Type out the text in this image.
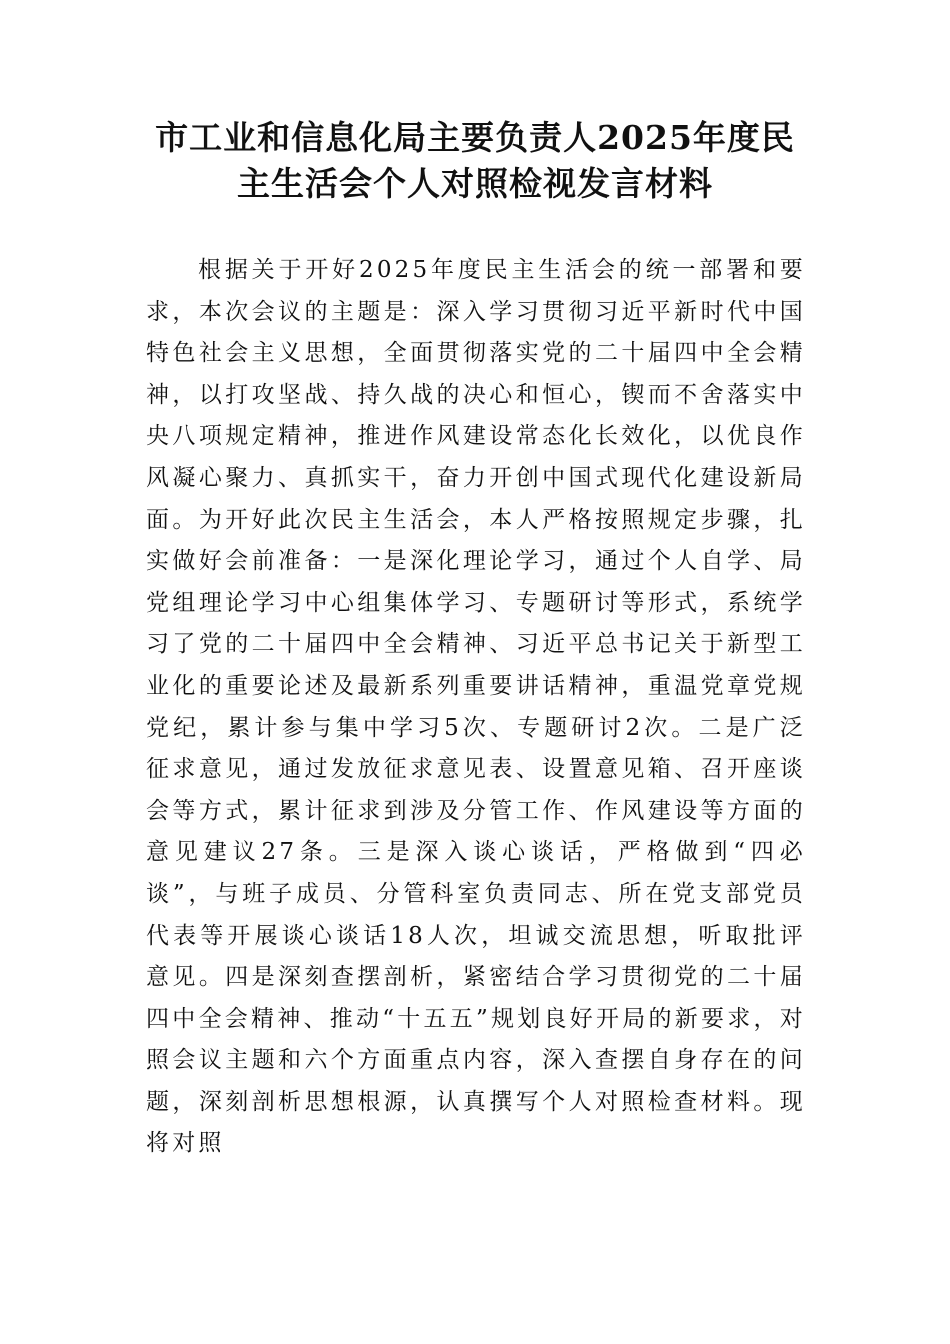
市工业和信息化局主要负责人2025年度民
主生活会个人对照检视发言材料

根据关于开好2025年度民主生活会的统一部署和要求，本次会议的主题是：深入学习贯彻习近平新时代中国特色社会主义思想，全面贯彻落实党的二十届四中全会精神，以打攻坚战、持久战的决心和恒心，锲而不舍落实中央八项规定精神，推进作风建设常态化长效化，以优良作风凝心聚力、真抓实干，奋力开创中国式现代化建设新局面。为开好此次民主生活会，本人严格按照规定步骤，扎实做好会前准备：一是深化理论学习，通过个人自学、局党组理论学习中心组集体学习、专题研讨等形式，系统学习了党的二十届四中全会精神、习近平总书记关于新型工业化的重要论述及最新系列重要讲话精神，重温党章党规党纪，累计参与集中学习5次、专题研讨2次。二是广泛征求意见，通过发放征求意见表、设置意见箱、召开座谈会等方式，累计征求到涉及分管工作、作风建设等方面的意见建议27条。三是深入谈心谈话，严格做到“四必谈”，与班子成员、分管科室负责同志、所在党支部党员代表等开展谈心谈话18人次，坦诚交流思想，听取批评意见。四是深刻查摆剖析，紧密结合学习贯彻党的二十届四中全会精神、推动“十五五”规划良好开局的新要求，对照会议主题和六个方面重点内容，深入查摆自身存在的问题，深刻剖析思想根源，认真撰写个人对照检查材料。现将对照
